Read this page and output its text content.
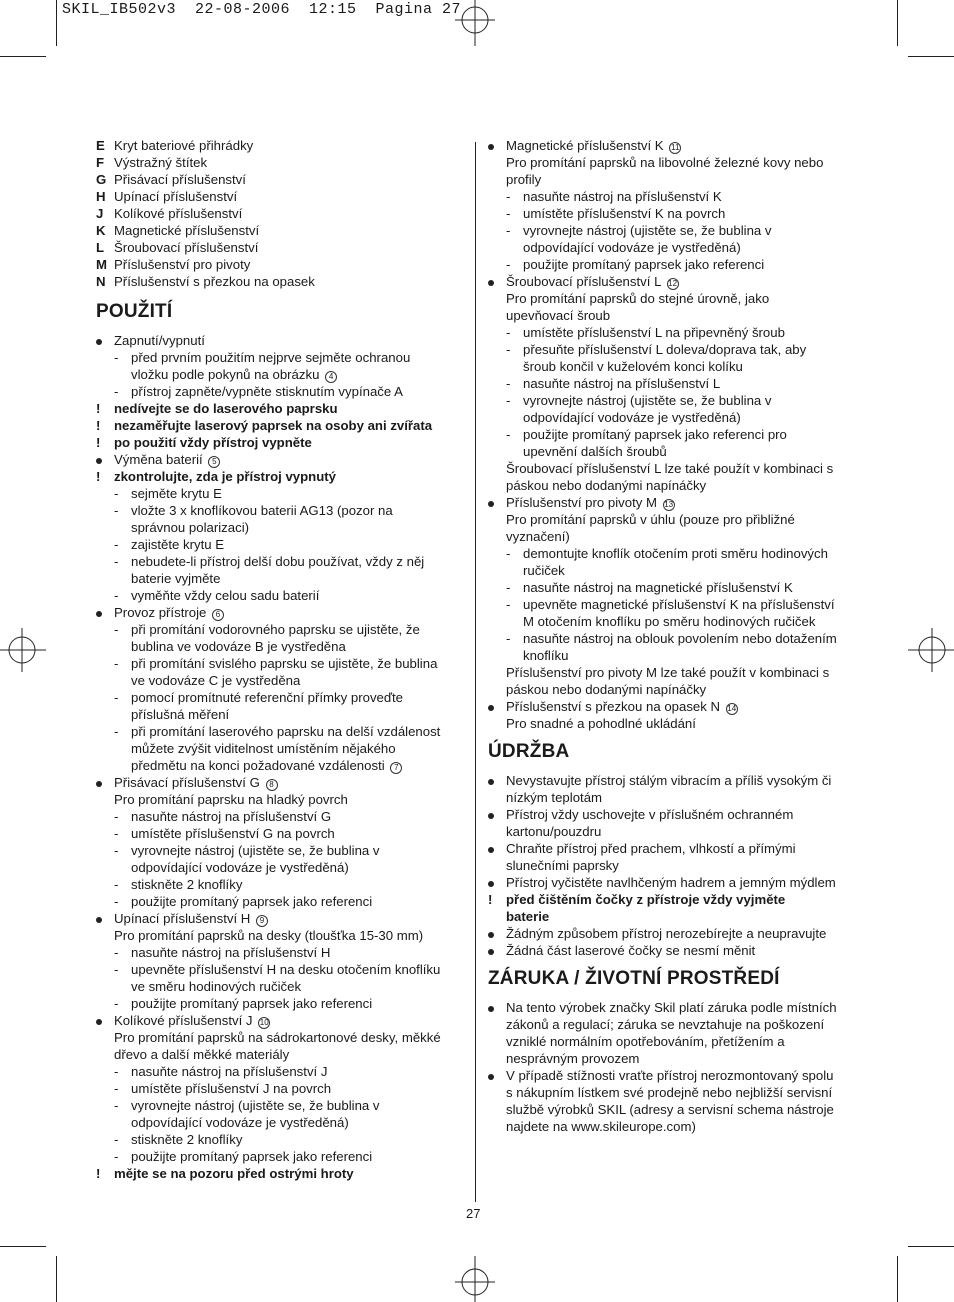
SKIL_IB502v3  22-08-2006  12:15  Pagina 27
E Kryt bateriové přihrádky
F Výstražný štítek
G Přisávací příslušenství
H Upínací příslušenství
J Kolíkové příslušenství
K Magnetické příslušenství
L Šroubovací příslušenství
M Příslušenství pro pivoty
N Příslušenství s přezkou na opasek
POUŽITÍ
Zapnutí/vypnutí
- před prvním použitím nejprve sejměte ochranou
vložku podle pokynů na obrázku 4
- přístroj zapněte/vypněte stisknutím vypínače A
! nedívejte se do laserového paprsku
! nezaměřujte laserový paprsek na osoby ani zvířata
! po použití vždy přístroj vypněte
Výměna baterií 5
! zkontrolujte, zda je přístroj vypnutý
- sejměte krytu E
- vložte 3 x knoflíkovou baterii AG13 (pozor na
správnou polarizaci)
- zajistěte krytu E
- nebudete-li přístroj delší dobu používat, vždy z něj
baterie vyjměte
- vyměňte vždy celou sadu baterií
Provoz přístroje 6
- při promítání vodorovného paprsku se ujistěte, že
bublina ve vodováze B je vystředěna
- při promítání svislého paprsku se ujistěte, že bublina
ve vodováze C je vystředěna
- pomocí promítnuté referenční přímky proveďte
příslušná měření
- při promítání laserového paprsku na delší vzdálenost
můžete zvýšit viditelnost umístěním nějakého
předmětu na konci požadované vzdálenosti 7
Přisávací příslušenství G 8
Pro promítání paprsku na hladký povrch
- nasuňte nástroj na příslušenství G
- umístěte příslušenství G na povrch
- vyrovnejte nástroj (ujistěte se, že bublina v
odpovídající vodováze je vystředěná)
- stiskněte 2 knoflíky
- použijte promítaný paprsek jako referenci
Upínací příslušenství H 9
Pro promítání paprsků na desky (tloušťka 15-30 mm)
- nasuňte nástroj na příslušenství H
- upevněte příslušenství H na desku otočením knoflíku
ve směru hodinových ručiček
- použijte promítaný paprsek jako referenci
Kolíkové příslušenství J 10
Pro promítání paprsků na sádrokartonové desky, měkké
dřevo a další měkké materiály
- nasuňte nástroj na příslušenství J
- umístěte příslušenství J na povrch
- vyrovnejte nástroj (ujistěte se, že bublina v
odpovídající vodováze je vystředěná)
- stiskněte 2 knoflíky
- použijte promítaný paprsek jako referenci
! mějte se na pozoru před ostrými hroty
Magnetické příslušenství K 11
Pro promítání paprsků na libovolné železné kovy nebo
profily
- nasuňte nástroj na příslušenství K
- umístěte příslušenství K na povrch
- vyrovnejte nástroj (ujistěte se, že bublina v
odpovídající vodováze je vystředěná)
- použijte promítaný paprsek jako referenci
Šroubovací příslušenství L 12
Pro promítání paprsků do stejné úrovně, jako
upevňovací šroub
- umístěte příslušenství L na připevněný šroub
- přesuňte příslušenství L doleva/doprava tak, aby
šroub končil v kuželovém konci kolíku
- nasuňte nástroj na příslušenství L
- vyrovnejte nástroj (ujistěte se, že bublina v
odpovídající vodováze je vystředěná)
- použijte promítaný paprsek jako referenci pro
upevnění dalších šroubů
Šroubovací příslušenství L lze také použít v kombinaci s
páskou nebo dodanými napínáčky
Příslušenství pro pivoty M 13
Pro promítání paprsků v úhlu (pouze pro přibližné
vyznačení)
- demontujte knoflík otočením proti směru hodinových
ručiček
- nasuňte nástroj na magnetické příslušenství K
- upevněte magnetické příslušenství K na příslušenství
M otočením knoflíku po směru hodinových ručiček
- nasuňte nástroj na oblouk povolením nebo dotažením
knoflíku
Příslušenství pro pivoty M lze také použít v kombinaci s
páskou nebo dodanými napínáčky
Příslušenství s přezkou na opasek N 14
Pro snadné a pohodlné ukládání
ÚDRŽBA
Nevystavujte přístroj stálým vibracím a příliš vysokým či
nízkým teplotám
Přístroj vždy uschovejte v příslušném ochranném
kartonu/pouzdru
Chraňte přístroj před prachem, vlhkostí a přímými
slunečními paprsky
Přístroj vyčistěte navlhčeným hadrem a jemným mýdlem
! před čištěním čočky z přístroje vždy vyjměte
baterie
Žádným způsobem přístroj nerozebírejte a neupravujte
Žádná část laserové čočky se nesmí měnit
ZÁRUKA / ŽIVOTNÍ PROSTŘEDÍ
Na tento výrobek značky Skil platí záruka podle místních
zákonů a regulací; záruka se nevztahuje na poškození
vzniklé normálním opotřebováním, přetížením a
nesprávným provozem
V případě stížnosti vraťte přístroj nerozmontovaný spolu
s nákupním lístkem své prodejně nebo nejbližší servisní
službě výrobků SKIL (adresy a servisní schema nástroje
najdete na www.skileurope.com)
27
